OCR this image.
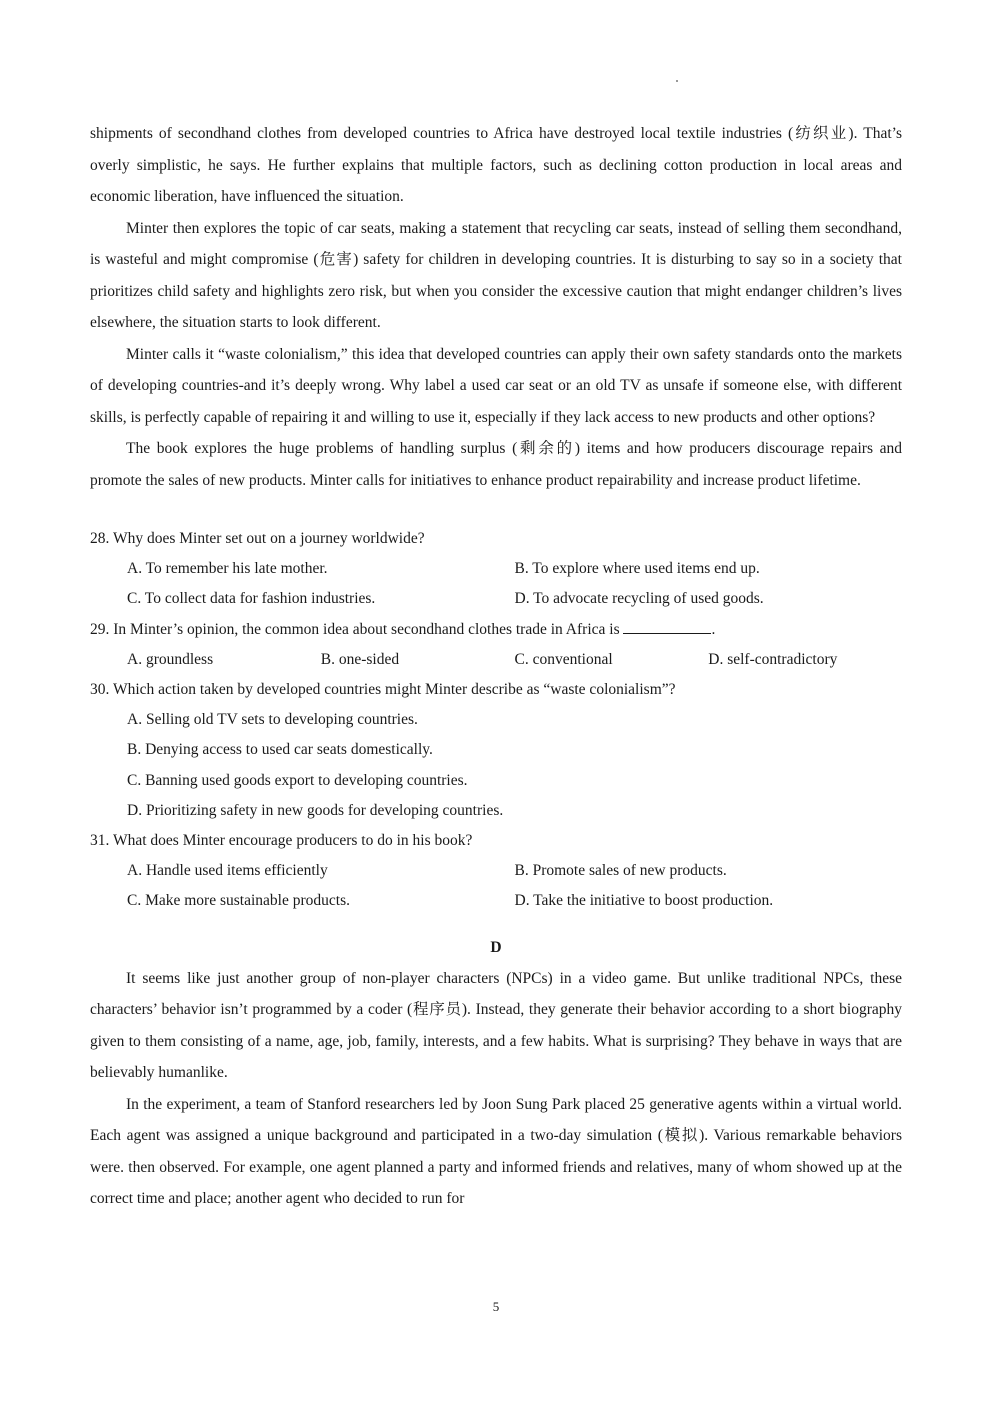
shipments of secondhand clothes from developed countries to Africa have destroyed local textile industries (纺织业). That’s overly simplistic, he says. He further explains that multiple factors, such as declining cotton production in local areas and economic liberation, have influenced the situation.

Minter then explores the topic of car seats, making a statement that recycling car seats, instead of selling them secondhand, is wasteful and might compromise (危害) safety for children in developing countries. It is disturbing to say so in a society that prioritizes child safety and highlights zero risk, but when you consider the excessive caution that might endanger children’s lives elsewhere, the situation starts to look different.

Minter calls it “waste colonialism,” this idea that developed countries can apply their own safety standards onto the markets of developing countries-and it’s deeply wrong. Why label a used car seat or an old TV as unsafe if someone else, with different skills, is perfectly capable of repairing it and willing to use it, especially if they lack access to new products and other options?

The book explores the huge problems of handling surplus (剩余的) items and how producers discourage repairs and promote the sales of new products. Minter calls for initiatives to enhance product repairability and increase product lifetime.

28. Why does Minter set out on a journey worldwide?

A. To remember his late mother.	B. To explore where used items end up.
C. To collect data for fashion industries.	D. To advocate recycling of used goods.

29. In Minter’s opinion, the common idea about secondhand clothes trade in Africa is	.

A. groundless	B. one-sided	C. conventional	D. self-contradictory

30. Which action taken by developed countries might Minter describe as “waste colonialism”?

A. Selling old TV sets to developing countries.

B. Denying access to used car seats domestically.

C. Banning used goods export to developing countries.

D. Prioritizing safety in new goods for developing countries.

31. What does Minter encourage producers to do in his book?

A. Handle used items efficiently	B. Promote sales of new products.
C. Make more sustainable products.	D. Take the initiative to boost production.

D

It seems like just another group of non-player characters (NPCs) in a video game. But unlike traditional NPCs, these characters’ behavior isn’t programmed by a coder (程序员). Instead, they generate their behavior according to a short biography given to them consisting of a name, age, job, family, interests, and a few habits. What is surprising? They behave in ways that are believably humanlike.

In the experiment, a team of Stanford researchers led by Joon Sung Park placed 25 generative agents within a virtual world. Each agent was assigned a unique background and participated in a two-day simulation (模拟). Various remarkable behaviors were. then observed. For example, one agent planned a party and informed friends and relatives, many of whom showed up at the correct time and place; another agent who decided to run for

5
